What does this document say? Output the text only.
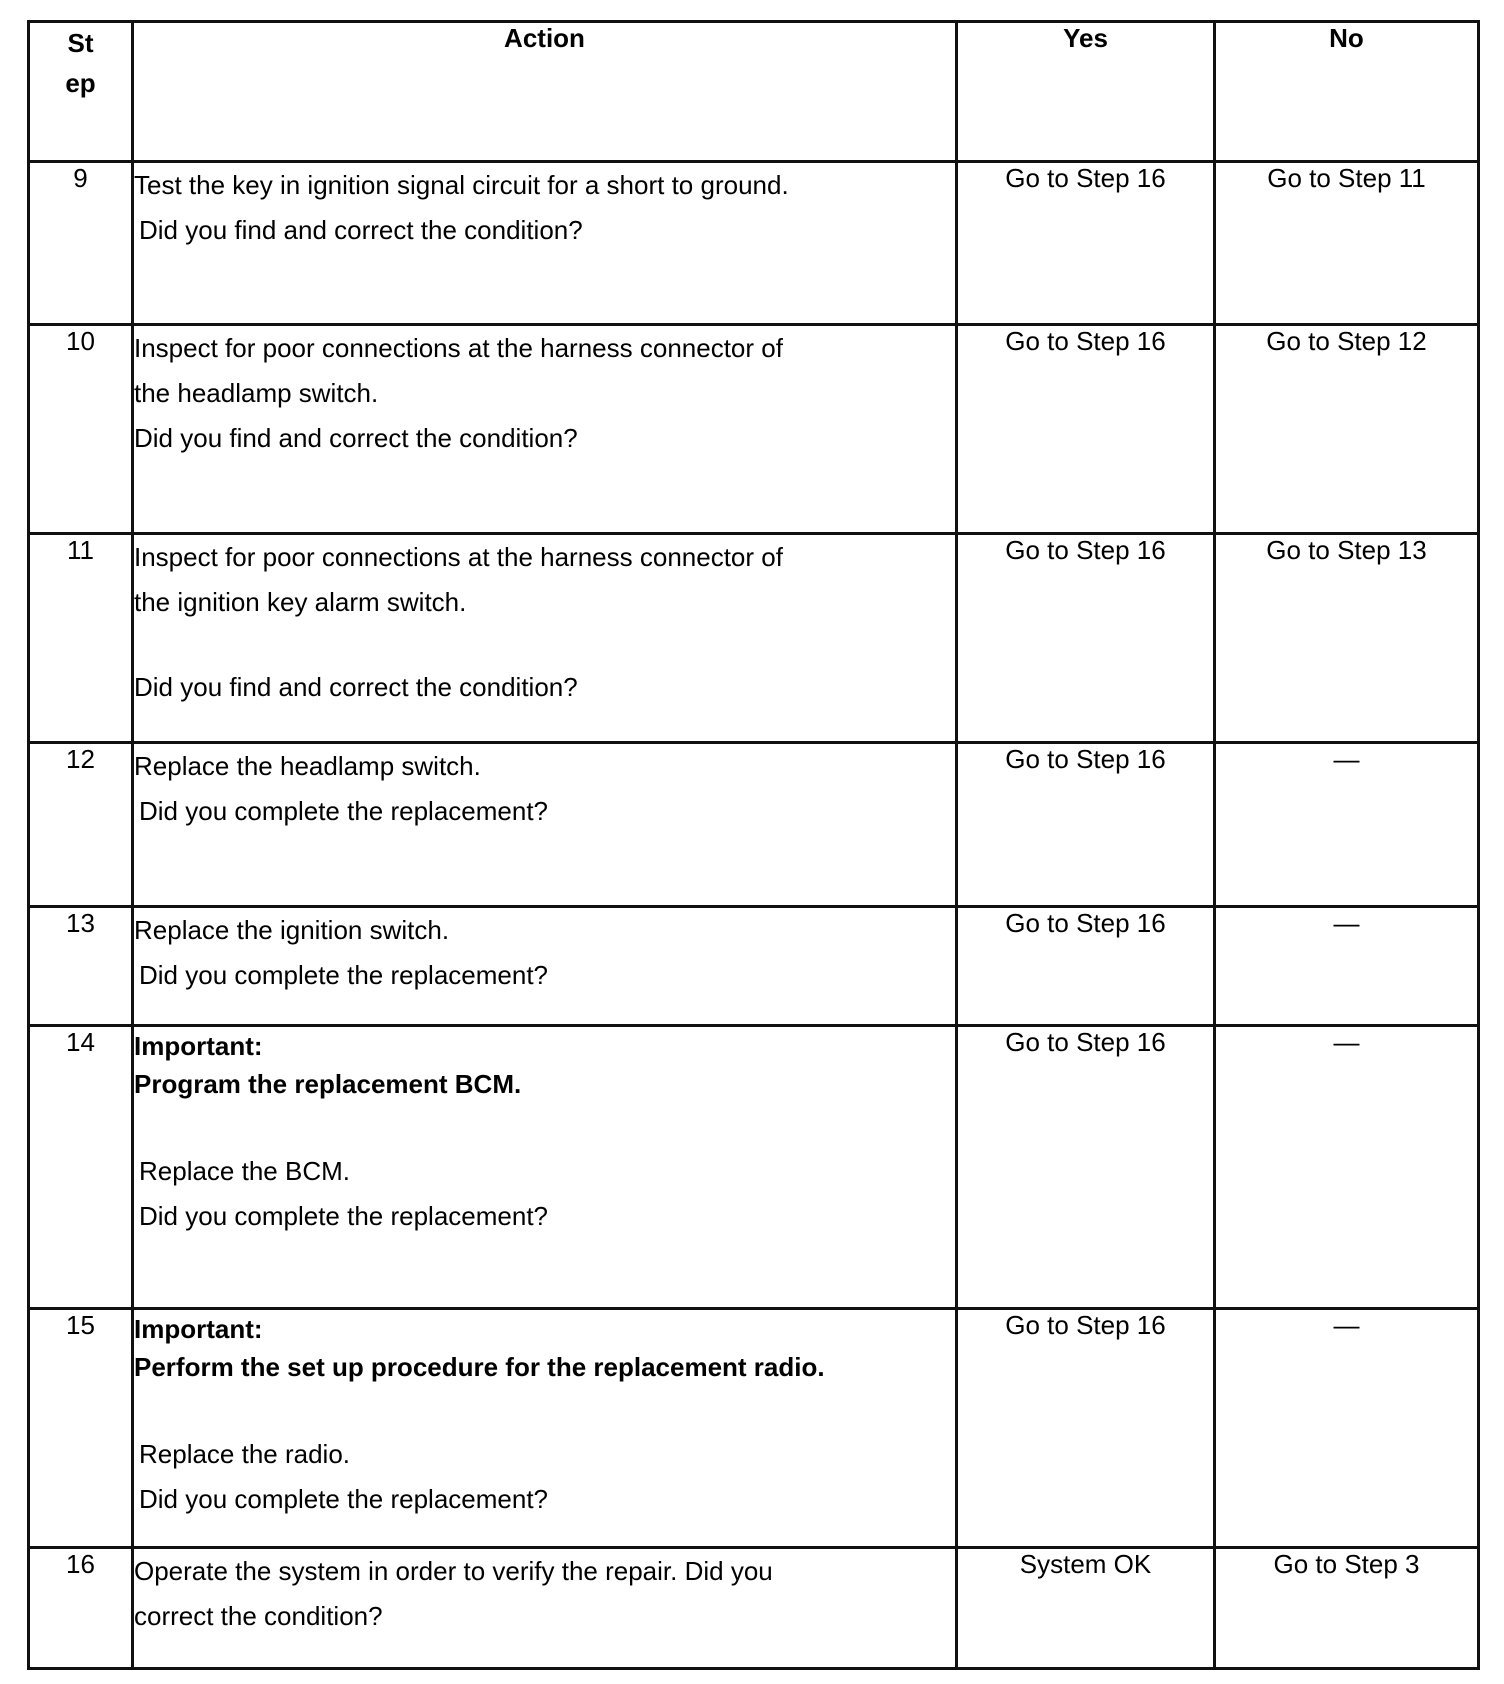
St
ep	Action	Yes	No
9	Test the key in ignition signal circuit for a short to ground.
Did you find and correct the condition?	Go to Step 16	Go to Step 11
10	Inspect for poor connections at the harness connector of
the headlamp switch.
Did you find and correct the condition?	Go to Step 16	Go to Step 12
11	Inspect for poor connections at the harness connector of
the ignition key alarm switch.
Did you find and correct the condition?	Go to Step 16	Go to Step 13
12	Replace the headlamp switch.
Did you complete the replacement?	Go to Step 16	—
13	Replace the ignition switch.
Did you complete the replacement?	Go to Step 16	—
14	Important:
Program the replacement BCM.
Replace the BCM.
Did you complete the replacement?	Go to Step 16	—
15	Important:
Perform the set up procedure for the replacement radio.
Replace the radio.
Did you complete the replacement?	Go to Step 16	—
16	Operate the system in order to verify the repair. Did you
correct the condition?	System OK	Go to Step 3
